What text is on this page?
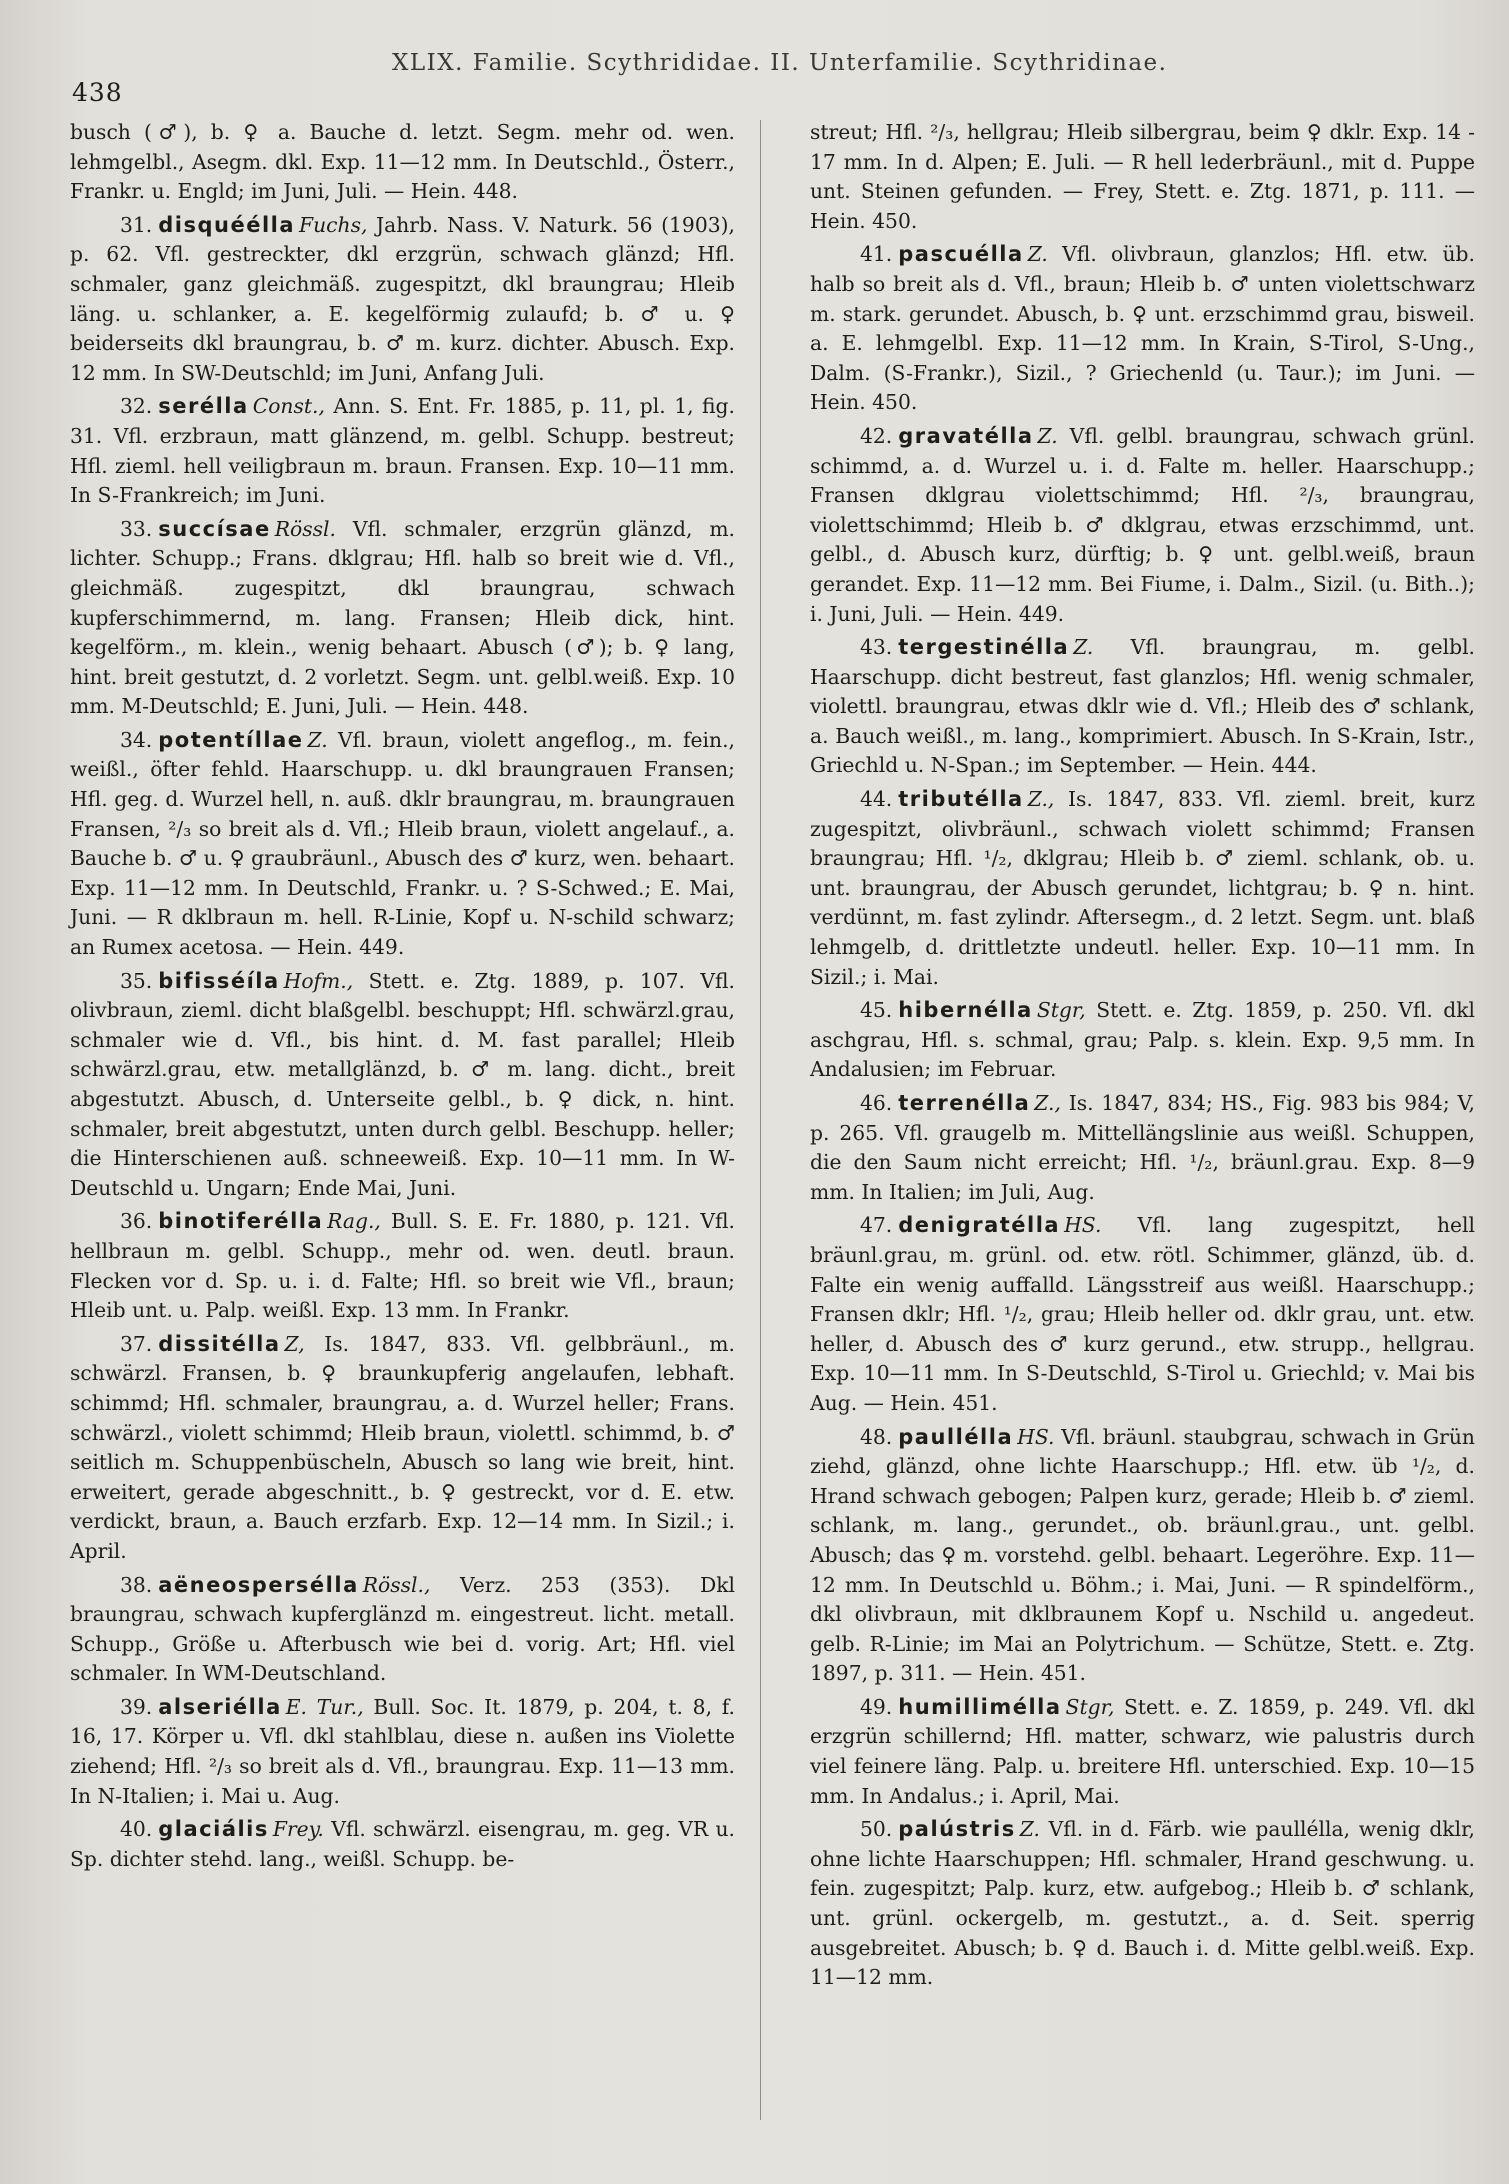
438
XLIX. Familie. Scythrididae. II. Unterfamilie. Scythridinae.

busch (♂), b. ♀ a. Bauche d. letzt. Segm. mehr od. wen. lehmgelbl., Asegm. dkl. Exp. 11—12 mm. In Deutschld., Österr., Frankr. u. Engld; im Juni, Juli. — Hein. 448.

31. disquéélla Fuchs, Jahrb. Nass. V. Naturk. 56 (1903), p. 62. Vfl. gestreckter, dkl erzgrün, schwach glänzd; Hfl. schmaler, ganz gleichmäß. zugespitzt, dkl braungrau; Hleib läng. u. schlanker, a. E. kegelförmig zulaufd; b. ♂ u. ♀ beiderseits dkl braungrau, b. ♂ m. kurz. dichter. Abusch. Exp. 12 mm. In SW-Deutschld; im Juni, Anfang Juli.

32. serélla Const., Ann. S. Ent. Fr. 1885, p. 11, pl. 1, fig. 31. Vfl. erzbraun, matt glänzend, m. gelbl. Schupp. bestreut; Hfl. zieml. hell veiligbraun m. braun. Fransen. Exp. 10—11 mm. In S-Frankreich; im Juni.

33. succísae Rössl. Vfl. schmaler, erzgrün glänzd, m. lichter. Schupp.; Frans. dklgrau; Hfl. halb so breit wie d. Vfl., gleichmäß. zugespitzt, dkl braungrau, schwach kupferschimmernd, m. lang. Fransen; Hleib dick, hint. kegelförm., m. klein., wenig behaart. Abusch (♂); b. ♀ lang, hint. breit gestutzt, d. 2 vorletzt. Segm. unt. gelbl.weiß. Exp. 10 mm. M-Deutschld; E. Juni, Juli. — Hein. 448.

34. potentíllae Z. Vfl. braun, violett angeflog., m. fein., weißl., öfter fehld. Haarschupp. u. dkl braungrauen Fransen; Hfl. geg. d. Wurzel hell, n. auß. dklr braungrau, m. braungrauen Fransen, ²/₃ so breit als d. Vfl.; Hleib braun, violett angelauf., a. Bauche b. ♂ u. ♀ graubräunl., Abusch des ♂ kurz, wen. behaart. Exp. 11—12 mm. In Deutschld, Frankr. u. ? S-Schwed.; E. Mai, Juni. — R dklbraun m. hell. R-Linie, Kopf u. N-schild schwarz; an Rumex acetosa. — Hein. 449.

35. bifisséíla Hofm., Stett. e. Ztg. 1889, p. 107. Vfl. olivbraun, zieml. dicht blaßgelbl. beschuppt; Hfl. schwärzl.grau, schmaler wie d. Vfl., bis hint. d. M. fast parallel; Hleib schwärzl.grau, etw. metallglänzd, b. ♂ m. lang. dicht., breit abgestutzt. Abusch, d. Unterseite gelbl., b. ♀ dick, n. hint. schmaler, breit abgestutzt, unten durch gelbl. Beschupp. heller; die Hinterschienen auß. schneeweiß. Exp. 10—11 mm. In W-Deutschld u. Ungarn; Ende Mai, Juni.

36. binotiferélla Rag., Bull. S. E. Fr. 1880, p. 121. Vfl. hellbraun m. gelbl. Schupp., mehr od. wen. deutl. braun. Flecken vor d. Sp. u. i. d. Falte; Hfl. so breit wie Vfl., braun; Hleib unt. u. Palp. weißl. Exp. 13 mm. In Frankr.

37. dissitélla Z, Is. 1847, 833. Vfl. gelbbräunl., m. schwärzl. Fransen, b. ♀ braunkupferig angelaufen, lebhaft. schimmd; Hfl. schmaler, braungrau, a. d. Wurzel heller; Frans. schwärzl., violett schimmd; Hleib braun, violettl. schimmd, b. ♂ seitlich m. Schuppenbüscheln, Abusch so lang wie breit, hint. erweitert, gerade abgeschnitt., b. ♀ gestreckt, vor d. E. etw. verdickt, braun, a. Bauch erzfarb. Exp. 12—14 mm. In Sizil.; i. April.

38. aëneospersélla Rössl., Verz. 253 (353). Dkl braungrau, schwach kupferglänzd m. eingestreut. licht. metall. Schupp., Größe u. Afterbusch wie bei d. vorig. Art; Hfl. viel schmaler. In WM-Deutschland.

39. alseriélla E. Tur., Bull. Soc. It. 1879, p. 204, t. 8, f. 16, 17. Körper u. Vfl. dkl stahlblau, diese n. außen ins Violette ziehend; Hfl. ²/₃ so breit als d. Vfl., braungrau. Exp. 11—13 mm. In N-Italien; i. Mai u. Aug.

40. glaciális Frey. Vfl. schwärzl. eisengrau, m. geg. VR u. Sp. dichter stehd. lang., weißl. Schupp. be-

streut; Hfl. ²/₃, hellgrau; Hleib silbergrau, beim ♀ dklr. Exp. 14 - 17 mm. In d. Alpen; E. Juli. — R hell lederbräunl., mit d. Puppe unt. Steinen gefunden. — Frey, Stett. e. Ztg. 1871, p. 111. — Hein. 450.

41. pascuélla Z. Vfl. olivbraun, glanzlos; Hfl. etw. üb. halb so breit als d. Vfl., braun; Hleib b. ♂ unten violettschwarz m. stark. gerundet. Abusch, b. ♀ unt. erzschimmd grau, bisweil. a. E. lehmgelbl. Exp. 11—12 mm. In Krain, S-Tirol, S-Ung., Dalm. (S-Frankr.), Sizil., ? Griechenld (u. Taur.); im Juni. — Hein. 450.

42. gravatélla Z. Vfl. gelbl. braungrau, schwach grünl. schimmd, a. d. Wurzel u. i. d. Falte m. heller. Haarschupp.; Fransen dklgrau violettschimmd; Hfl. ²/₃, braungrau, violettschimmd; Hleib b. ♂ dklgrau, etwas erzschimmd, unt. gelbl., d. Abusch kurz, dürftig; b. ♀ unt. gelbl.weiß, braun gerandet. Exp. 11—12 mm. Bei Fiume, i. Dalm., Sizil. (u. Bith..); i. Juni, Juli. — Hein. 449.

43. tergestinélla Z. Vfl. braungrau, m. gelbl. Haarschupp. dicht bestreut, fast glanzlos; Hfl. wenig schmaler, violettl. braungrau, etwas dklr wie d. Vfl.; Hleib des ♂ schlank, a. Bauch weißl., m. lang., komprimiert. Abusch. In S-Krain, Istr., Griechld u. N-Span.; im September. — Hein. 444.

44. tributélla Z., Is. 1847, 833. Vfl. zieml. breit, kurz zugespitzt, olivbräunl., schwach violett schimmd; Fransen braungrau; Hfl. ¹/₂, dklgrau; Hleib b. ♂ zieml. schlank, ob. u. unt. braungrau, der Abusch gerundet, lichtgrau; b. ♀ n. hint. verdünnt, m. fast zylindr. Aftersegm., d. 2 letzt. Segm. unt. blaß lehmgelb, d. drittletzte undeutl. heller. Exp. 10—11 mm. In Sizil.; i. Mai.

45. hibernélla Stgr, Stett. e. Ztg. 1859, p. 250. Vfl. dkl aschgrau, Hfl. s. schmal, grau; Palp. s. klein. Exp. 9,5 mm. In Andalusien; im Februar.

46. terrenélla Z., Is. 1847, 834; HS., Fig. 983 bis 984; V, p. 265. Vfl. graugelb m. Mittellängslinie aus weißl. Schuppen, die den Saum nicht erreicht; Hfl. ¹/₂, bräunl.grau. Exp. 8—9 mm. In Italien; im Juli, Aug.

47. denigratélla HS. Vfl. lang zugespitzt, hell bräunl.grau, m. grünl. od. etw. rötl. Schimmer, glänzd, üb. d. Falte ein wenig auffalld. Längsstreif aus weißl. Haarschupp.; Fransen dklr; Hfl. ¹/₂, grau; Hleib heller od. dklr grau, unt. etw. heller, d. Abusch des ♂ kurz gerund., etw. strupp., hellgrau. Exp. 10—11 mm. In S-Deutschld, S-Tirol u. Griechld; v. Mai bis Aug. — Hein. 451.

48. paullélla HS. Vfl. bräunl. staubgrau, schwach in Grün ziehd, glänzd, ohne lichte Haarschupp.; Hfl. etw. üb ¹/₂, d. Hrand schwach gebogen; Palpen kurz, gerade; Hleib b. ♂ zieml. schlank, m. lang., gerundet., ob. bräunl.grau., unt. gelbl. Abusch; das ♀ m. vorstehd. gelbl. behaart. Legeröhre. Exp. 11—12 mm. In Deutschld u. Böhm.; i. Mai, Juni. — R spindelförm., dkl olivbraun, mit dklbraunem Kopf u. Nschild u. angedeut. gelb. R-Linie; im Mai an Polytrichum. — Schütze, Stett. e. Ztg. 1897, p. 311. — Hein. 451.

49. humillimélla Stgr, Stett. e. Z. 1859, p. 249. Vfl. dkl erzgrün schillernd; Hfl. matter, schwarz, wie palustris durch viel feinere läng. Palp. u. breitere Hfl. unterschied. Exp. 10—15 mm. In Andalus.; i. April, Mai.

50. palústris Z. Vfl. in d. Färb. wie paullélla, wenig dklr, ohne lichte Haarschuppen; Hfl. schmaler, Hrand geschwung. u. fein. zugespitzt; Palp. kurz, etw. aufgebog.; Hleib b. ♂ schlank, unt. grünl. ockergelb, m. gestutzt., a. d. Seit. sperrig ausgebreitet. Abusch; b. ♀ d. Bauch i. d. Mitte gelbl.weiß. Exp. 11—12 mm.
